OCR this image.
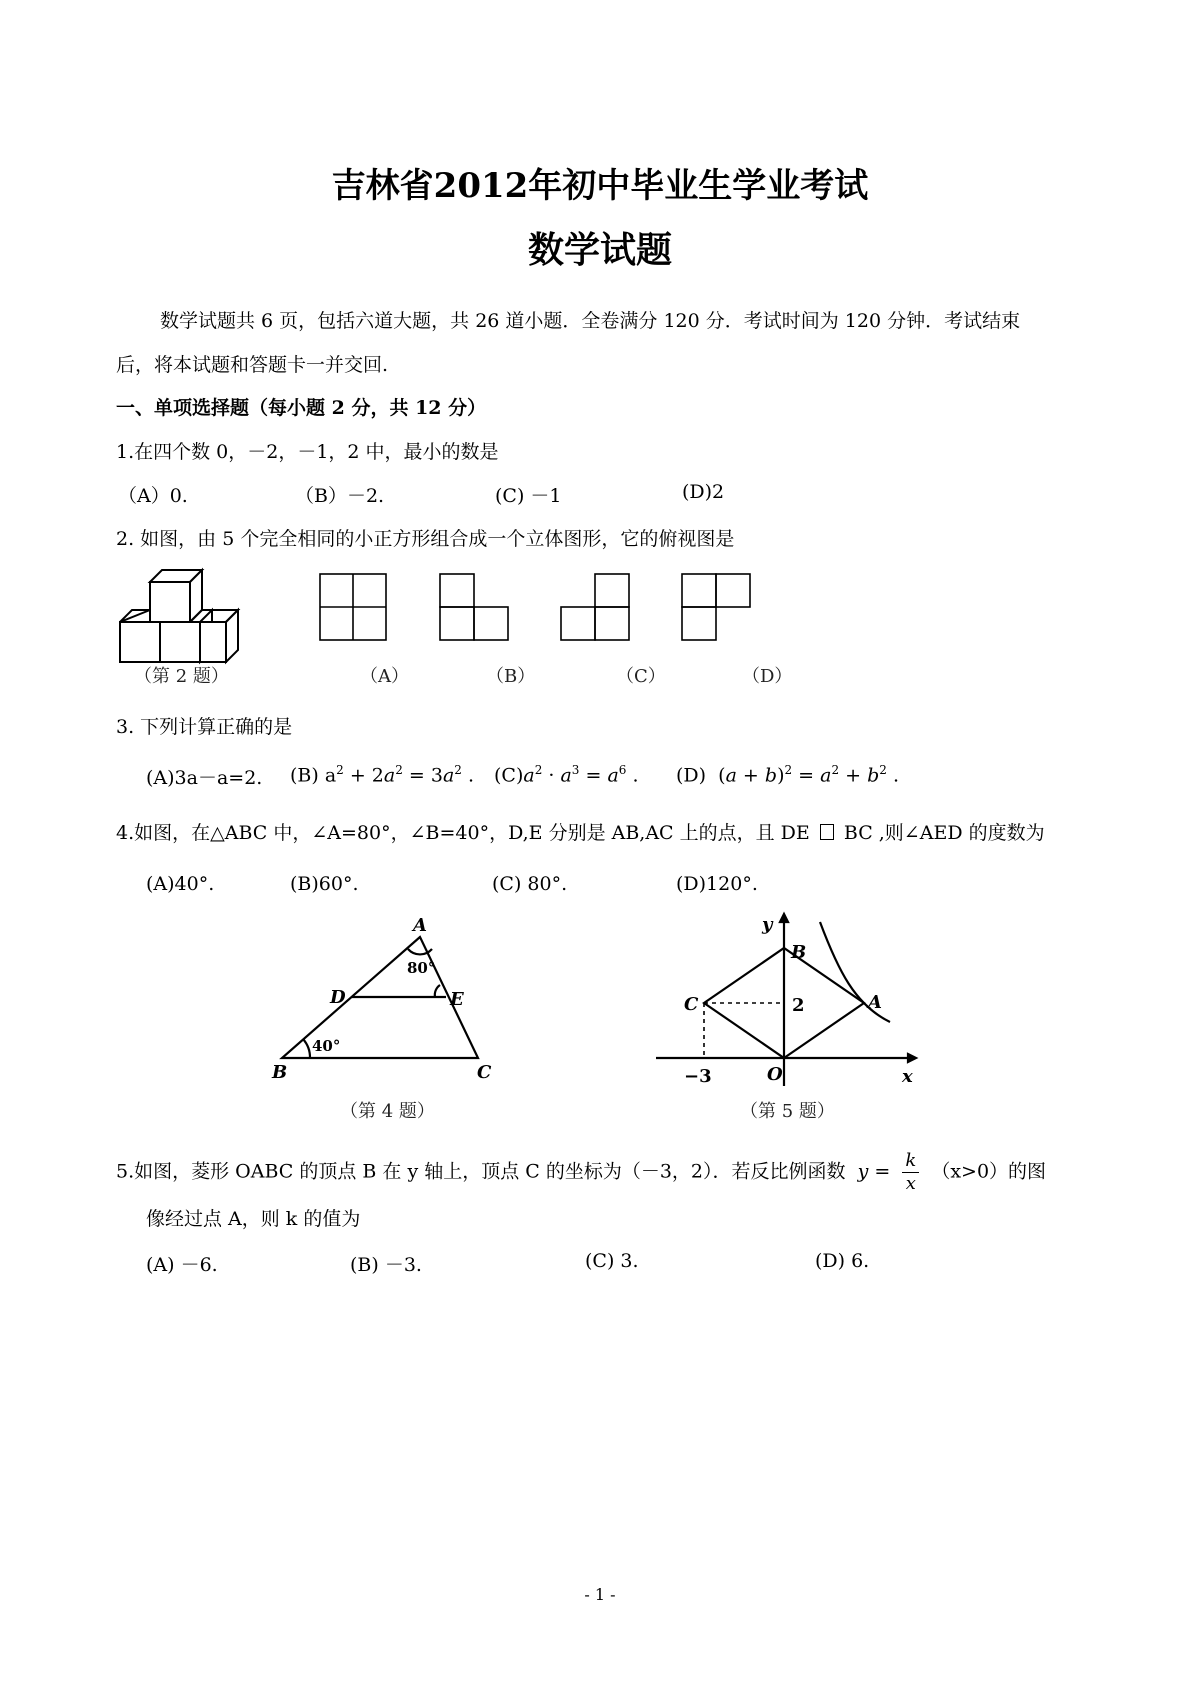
吉林省2012年初中毕业生学业考试
数学试题
数学试题共 6 页，包括六道大题，共 26 道小题．全卷满分 120 分．考试时间为 120 分钟．考试结束
后，将本试题和答题卡一并交回.
一、单项选择题（每小题 2 分，共 12 分）
1.在四个数 0，－2，－1，2 中，最小的数是
（A）0.	（B）－2.	(C) －1	(D)2
2. 如图，由 5 个完全相同的小正方形组合成一个立体图形，它的俯视图是
（第 2 题）	（A）	（B）	（C）	（D）
3. 下列计算正确的是
(A)3a－a=2. (B) $a^2 + 2a^2 = 3a^2$ . $(C)a^2 \cdot a^3 = a^6$ . (D)  $(a + b)^2 = a^2 + b^2$ .
4.如图，在△ABC 中，∠A=80°，∠B=40°，D,E 分别是 AB,AC 上的点，且 DE BC ,则∠AED 的度数为
(A)40°.	(B)60°.	(C) 80°.	(D)120°.
A
B	C
D	E
80°
40°
（第 4 题）
y
x
B
C	A
O
2
−3
（第 5 题）
5.如图，菱形 OABC 的顶点 B 在 y 轴上，顶点 C 的坐标为（－3，2）．若反比例函数  $y = \frac{k}{x} (x>0)$的图
像经过点 A，则 k 的值为
(A) －6.	(B) －3.	(C) 3.	(D) 6.
- 1 -
